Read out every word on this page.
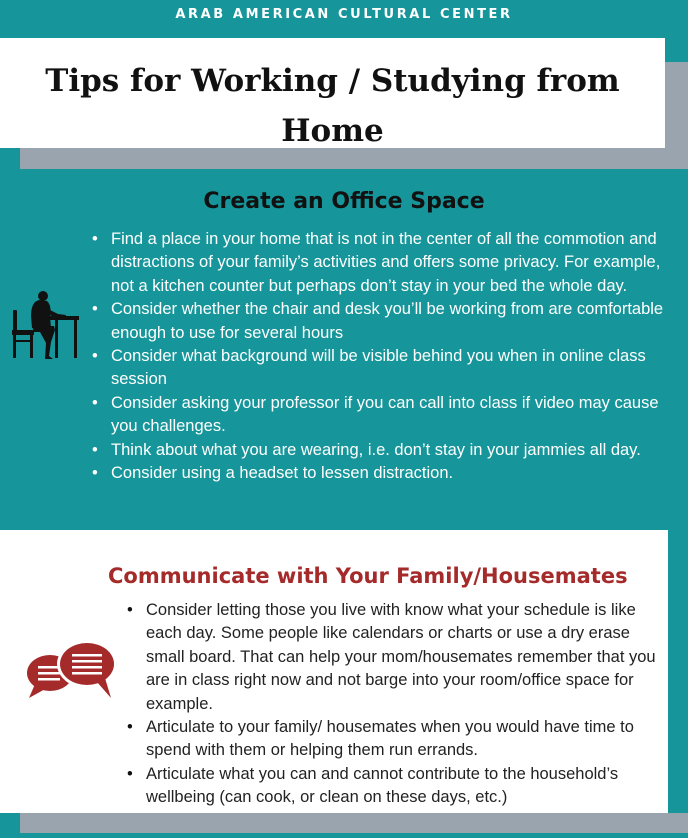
ARAB AMERICAN CULTURAL CENTER
Tips for Working / Studying from Home
Create an Office Space
• Find a place in your home that is not in the center of all the commotion and distractions of your family’s activities and offers some privacy. For example, not a kitchen counter but perhaps don’t stay in your bed the whole day.
• Consider whether the chair and desk you’ll be working from are comfortable enough to use for several hours
• Consider what background will be visible behind you when in online class session
• Consider asking your professor if you can call into class if video may cause you challenges.
• Think about what you are wearing, i.e. don’t stay in your jammies all day.
• Consider using a headset to lessen distraction.
Communicate with Your Family/Housemates
• Consider letting those you live with know what your schedule is like each day. Some people like calendars or charts or use a dry erase small board. That can help your mom/housemates remember that you are in class right now and not barge into your room/office space for example.
• Articulate to your family/ housemates when you would have time to spend with them or helping them run errands.
• Articulate what you can and cannot contribute to the household’s wellbeing (can cook, or clean on these days, etc.)
